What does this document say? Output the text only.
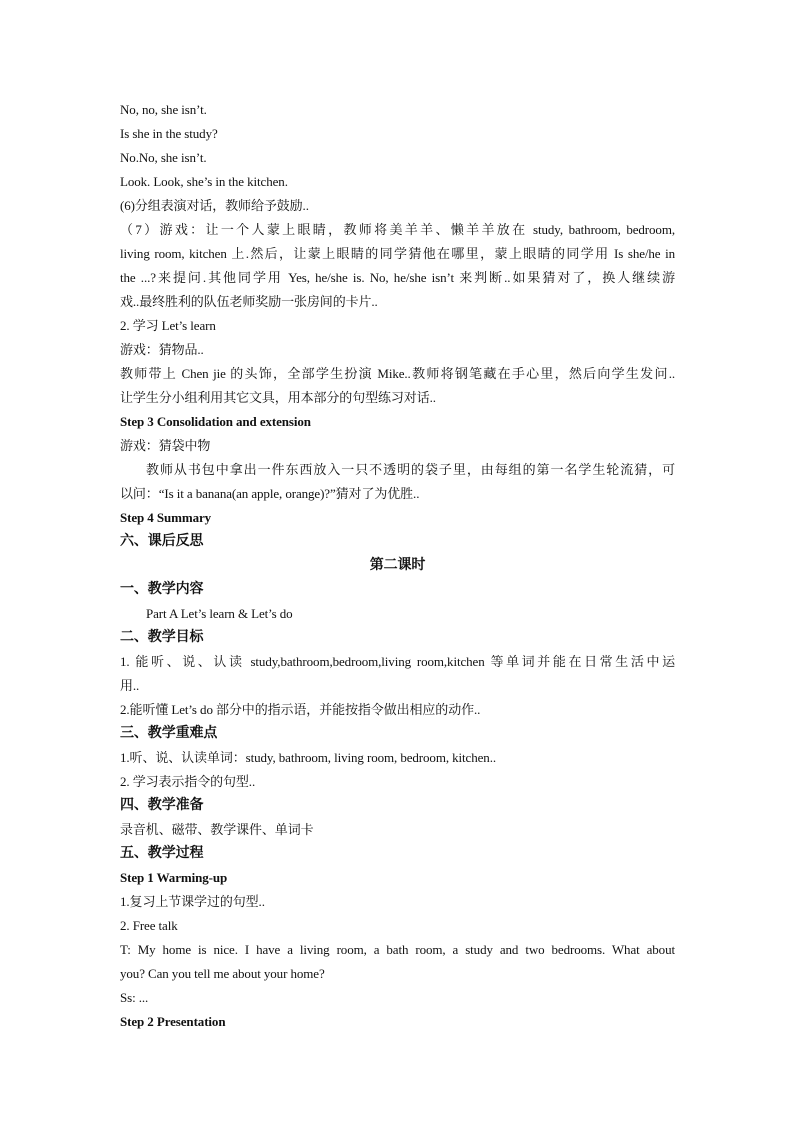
No, no, she isn’t.
Is she in the study?
No.No, she isn’t.
Look. Look, she’s in the kitchen.
(6)分组表演对话，教师给予鼓励..
（7）游戏：让一个人蒙上眼睛，教师将美羊羊、懒羊羊放在 study, bathroom, bedroom,
living room, kitchen 上.然后，让蒙上眼睛的同学猜他在哪里，蒙上眼睛的同学用 Is she/he in
the ...?来提问.其他同学用 Yes, he/she is. No, he/she isn’t 来判断..如果猜对了，换人继续游
戏..最终胜利的队伍老师奖励一张房间的卡片..
2. 学习 Let’s learn
游戏：猜物品..
教师带上 Chen jie 的头饰，全部学生扮演 Mike..教师将钢笔藏在手心里，然后向学生发问..
让学生分小组利用其它文具，用本部分的句型练习对话..
Step 3 Consolidation and extension
游戏：猜袋中物
教师从书包中拿出一件东西放入一只不透明的袋子里，由每组的第一名学生轮流猜，可
以问：“Is it a banana(an apple, orange)?”猜对了为优胜..
Step 4 Summary
六、课后反思
第二课时
一、教学内容
Part A Let’s learn & Let’s do
二、教学目标
1. 能听、说、认读 study,bathroom,bedroom,living room,kitchen 等单词并能在日常生活中运
用..
2.能听懂 Let’s do 部分中的指示语，并能按指令做出相应的动作..
三、教学重难点
1.听、说、认读单词：study, bathroom, living room, bedroom, kitchen..
2. 学习表示指令的句型..
四、教学准备
录音机、磁带、教学课件、单词卡
五、教学过程
Step 1 Warming-up
1.复习上节课学过的句型..
2. Free talk
T: My home is nice. I have a living room, a bath room, a study and two bedrooms. What about
you? Can you tell me about your home?
Ss: ...
Step 2 Presentation
